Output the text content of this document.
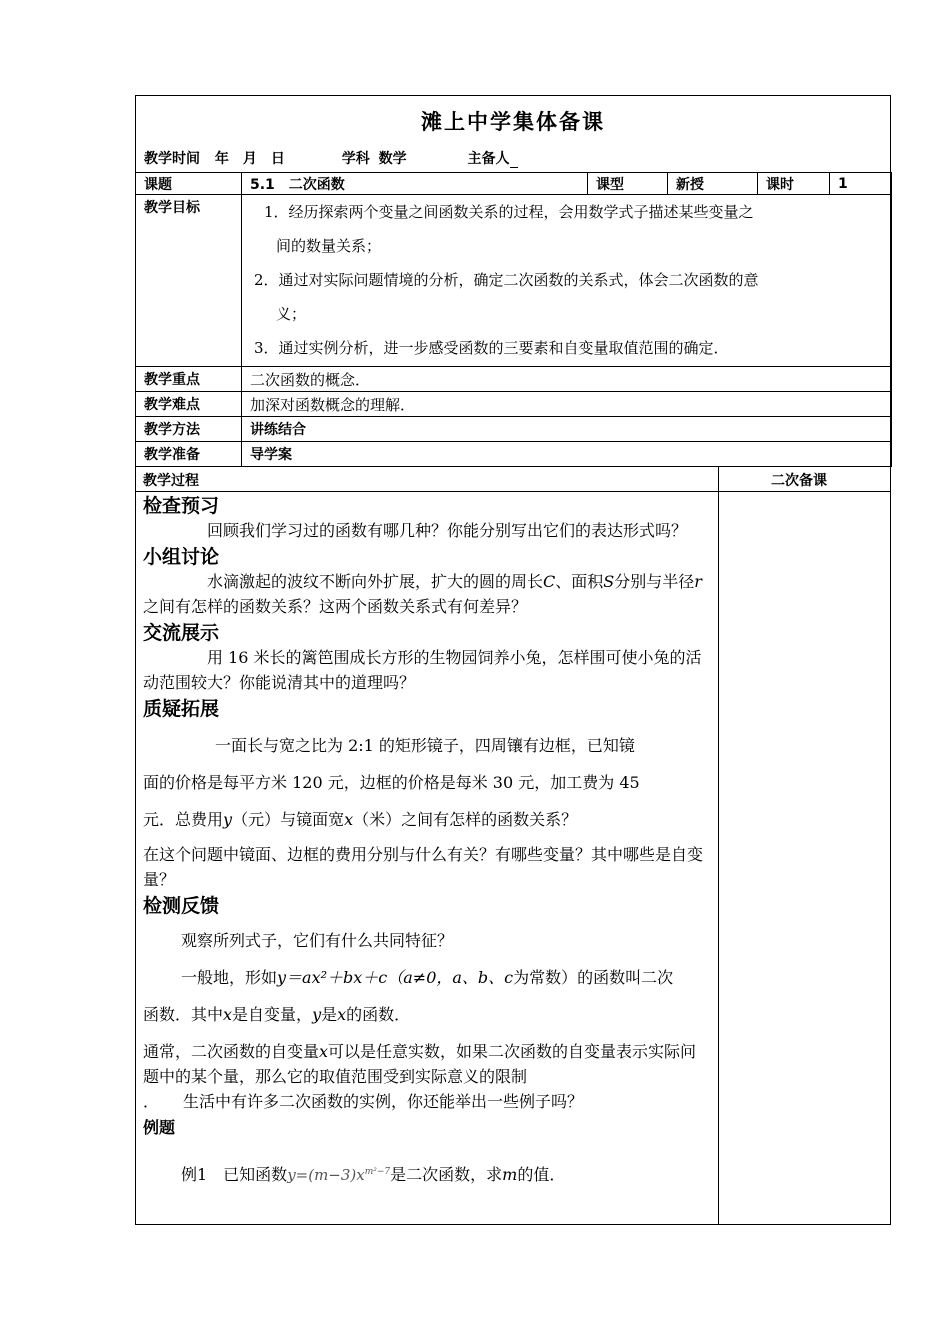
滩上中学集体备课
教学时间 年　月　日	学科 数学	主备人
课题	5.1　二次函数	课型	新授	课时	1
教学目标	1．经历探索两个变量之间函数关系的过程，会用数学式子描述某些变量之
间的数量关系；
2．通过对实际问题情境的分析，确定二次函数的关系式，体会二次函数的意
义；
3．通过实例分析，进一步感受函数的三要素和自变量取值范围的确定．				

教学重点	二次函数的概念．				
教学难点	加深对函数概念的理解．				
教学方法	讲练结合				
教学准备	导学案				
教学过程	二次备课
检查预习

回顾我们学习过的函数有哪几种？你能分别写出它们的表达形式吗？

小组讨论

水滴激起的波纹不断向外扩展，扩大的圆的周长C、面积S分别与半径r之间有怎样的函数关系？这两个函数关系式有何差异？

交流展示

用 16 米长的篱笆围成长方形的生物园饲养小兔，怎样围可使小兔的活动范围较大？你能说清其中的道理吗？

质疑拓展

一面长与宽之比为 2:1 的矩形镜子，四周镶有边框，已知镜
面的价格是每平方米 120 元，边框的价格是每米 30 元，加工费为 45
元．总费用y（元）与镜面宽x（米）之间有怎样的函数关系？

在这个问题中镜面、边框的费用分别与什么有关？有哪些变量？其中哪些是自变量？

检测反馈

观察所列式子，它们有什么共同特征？

一般地，形如y＝ax²＋bx＋c（a≠0，a、b、c为常数）的函数叫二次
函数．其中x是自变量，y是x的函数．

通常，二次函数的自变量x可以是任意实数，如果二次函数的自变量表示实际问题中的某个量，那么它的取值范围受到实际意义的限制
．　　生活中有许多二次函数的实例，你还能举出一些例子吗？

例题

例1　已知函数$y=(m-3)x^{m^2-7}$是二次函数，求m的值．
